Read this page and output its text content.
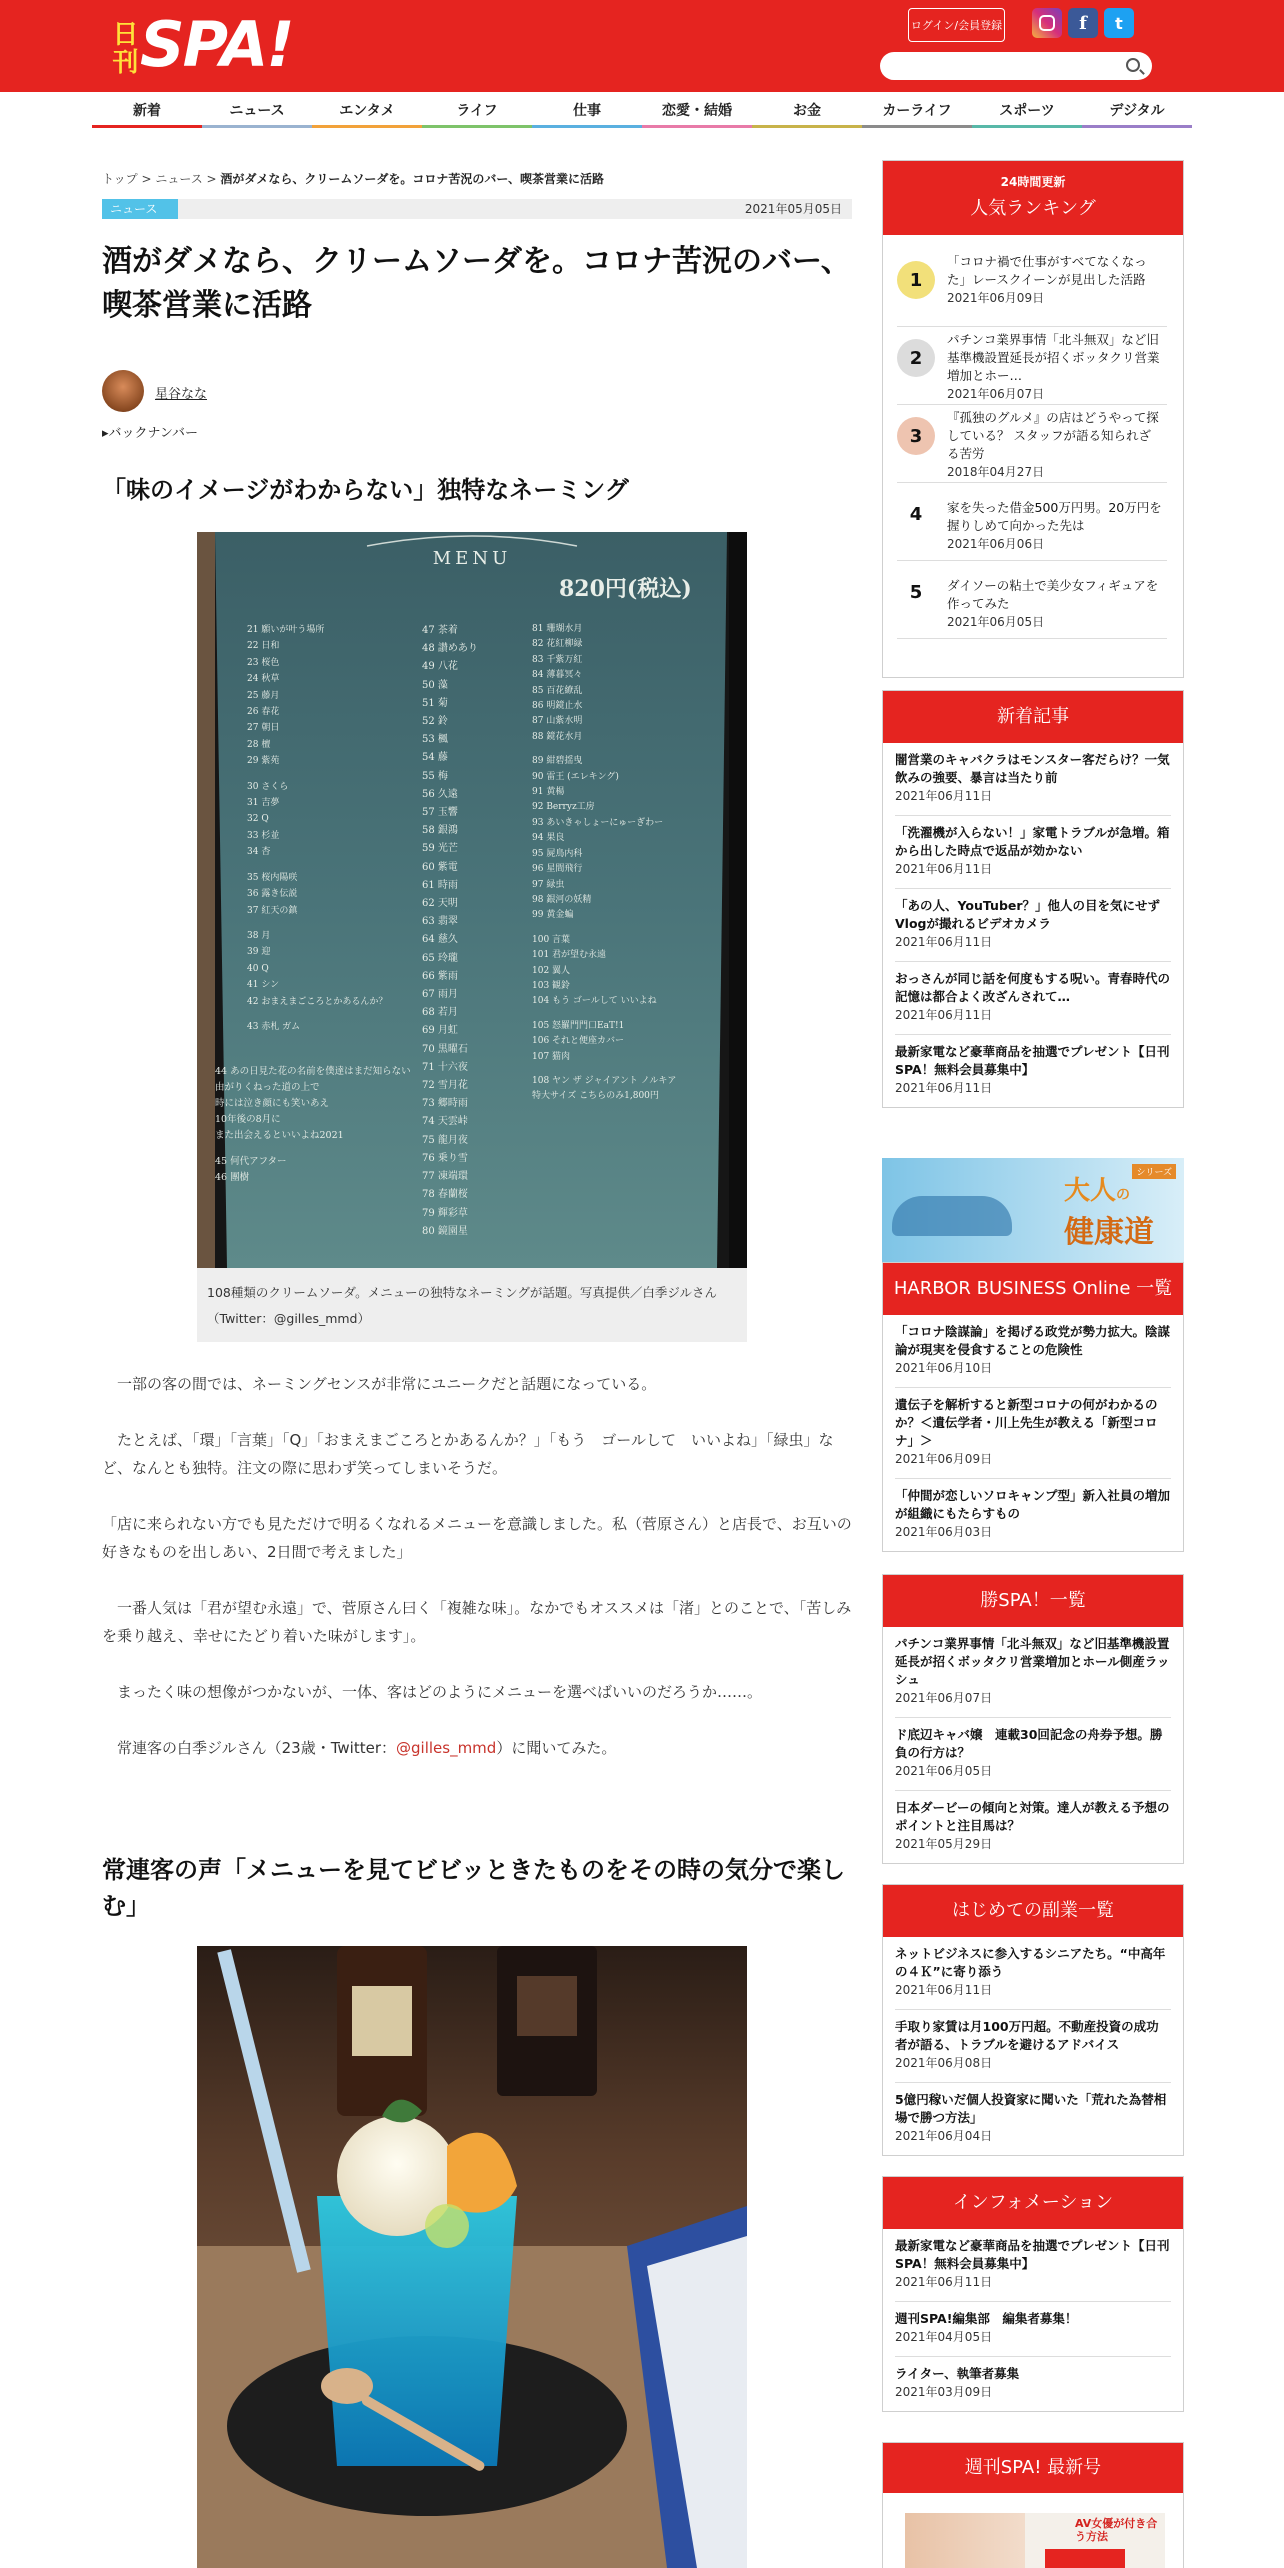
日刊 SPA!	ログイン/会員登録	f	t
新着	ニュース	エンタメ	ライフ	仕事	恋愛・結婚	お金	カーライフ	スポーツ	デジタル
トップ > ニュース > 酒がダメなら、クリームソーダを。コロナ苦況のバー、喫茶営業に活路
ニュース	2021年05月05日
酒がダメなら、クリームソーダを。コロナ苦況のバー、喫茶営業に活路
星谷なな
▸バックナンバー
「味のイメージがわからない」独特なネーミング
MENU
820円(税込)
21 願いが叶う場所
22 日和
23 桜色
24 秋草
25 藤月
26 春花
27 朝日
28 檀
29 紫苑
30 さくら
31 吉夢
32 Q
33 杉並
34 杏
35 桜内陽咲
36 露き伝説
37 紅天の鎮
38 月
39 迎
40 Q
41 シン
42 おまえまごころとかあるんか？
43 赤札 ガム
47 茶着
48 讃めあり
49 八花
50 藻
51 菊
52 鈴
53 楓
54 藤
55 梅
56 久遠
57 玉響
58 銀鴻
59 光芒
60 紫電
61 時雨
62 天明
63 翡翠
64 慈久
65 玲瓏
66 紫雨
67 雨月
68 若月
69 月虹
70 黒曜石
71 十六夜
72 雪月花
73 郷時雨
74 天雲峠
75 龍月夜
76 乗り雪
77 凍端環
78 春蘭桜
79 輝彩草
80 鏡園星
81 珊瑚水月
82 花紅柳緑
83 千紫万紅
84 薄暮冥々
85 百花繚乱
86 明鏡止水
87 山紫水明
88 鏡花水月
89 紺碧揺曳
90 雷王 (エレキング)
91 黄楊
92 Berryz工房
93 あいきゃしょーにゅーぎわー
94 果良
95 屍鳥内科
96 星間飛行
97 緑虫
98 銀河の妖精
99 黄金蝙
100 言葉
101 君が望む永遠
102 翼人
103 観鈴
104 もう ゴールして いいよね
105 怒羅門門口EaT!1
106 それと便座カバー
107 猫肉
108 ヤン ザ ジャイアント ノルキア
特大サイズ こちらのみ1,800円
44 あの日見た花の名前を僕達はまだ知らない
由がりくねった道の上で
時には泣き顔にも笑いあえ
10年後の8月に
また出会えるといいよね2021
45 何代アフター
46 團樹
108種類のクリームソーダ。メニューの独特なネーミングが話題。写真提供／白季ジルさん（Twitter：@gilles_mmd）

一部の客の間では、ネーミングセンスが非常にユニークだと話題になっている。

たとえば、「環」「言葉」「Q」「おまえまごころとかあるんか？」「もう　ゴールして　いいよね」「緑虫」など、なんとも独特。注文の際に思わず笑ってしまいそうだ。

「店に来られない方でも見ただけで明るくなれるメニューを意識しました。私（菅原さん）と店長で、お互いの好きなものを出しあい、2日間で考えました」

一番人気は「君が望む永遠」で、菅原さん曰く「複雑な味」。なかでもオススメは「渚」とのことで、「苦しみを乗り越え、幸せにたどり着いた味がします」。

まったく味の想像がつかないが、一体、客はどのようにメニューを選べばいいのだろうか……。

常連客の白季ジルさん（23歳・Twitter：@gilles_mmd）に聞いてみた。

常連客の声「メニューを見てビビッときたものをその時の気分で楽しむ」
24時間更新
人気ランキング
1
「コロナ禍で仕事がすべてなくなった」レースクイーンが見出した活路
2021年06月09日
2
パチンコ業界事情「北斗無双」など旧基準機設置延長が招くボッタクリ営業増加とホー…
2021年06月07日
3
『孤独のグルメ』の店はどうやって探している？ スタッフが語る知られざる苦労
2018年04月27日
4	家を失った借金500万円男。20万円を握りしめて向かった先は
2021年06月06日
5	ダイソーの粘土で美少女フィギュアを作ってみた
2021年06月05日
新着記事
闇営業のキャバクラはモンスター客だらけ？一気飲みの強要、暴言は当たり前
2021年06月11日
「洗濯機が入らない！」家電トラブルが急増。箱から出した時点で返品が効かない
2021年06月11日
「あの人、YouTuber？」他人の目を気にせずVlogが撮れるビデオカメラ
2021年06月11日
おっさんが同じ話を何度もする呪い。青春時代の記憶は都合よく改ざんされて…
2021年06月11日
最新家電など豪華商品を抽選でプレゼント【日刊SPA！無料会員募集中】
2021年06月11日
シリーズ
大人の
健康道
HARBOR BUSINESS Online 一覧
「コロナ陰謀論」を掲げる政党が勢力拡大。陰謀論が現実を侵食することの危険性
2021年06月10日
遺伝子を解析すると新型コロナの何がわかるのか？＜遺伝学者・川上先生が教える「新型コロナ」＞
2021年06月09日
「仲間が恋しいソロキャンプ型」新入社員の増加が組織にもたらすもの
2021年06月03日
勝SPA！一覧
パチンコ業界事情「北斗無双」など旧基準機設置延長が招くボッタクリ営業増加とホール側産ラッシュ
2021年06月07日
ド底辺キャバ嬢　連載30回記念の舟券予想。勝負の行方は？
2021年06月05日
日本ダービーの傾向と対策。達人が教える予想のポイントと注目馬は？
2021年05月29日
はじめての副業一覧
ネットビジネスに参入するシニアたち。“中高年の４Ｋ”に寄り添う
2021年06月11日
手取り家賃は月100万円超。不動産投資の成功者が語る、トラブルを避けるアドバイス
2021年06月08日
5億円稼いだ個人投資家に聞いた「荒れた為替相場で勝つ方法」
2021年06月04日
インフォメーション
最新家電など豪華商品を抽選でプレゼント【日刊SPA！無料会員募集中】
2021年06月11日
週刊SPA!編集部　編集者募集！
2021年04月05日
ライター、執筆者募集
2021年03月09日
週刊SPA! 最新号
AV女優が付き合う方法
